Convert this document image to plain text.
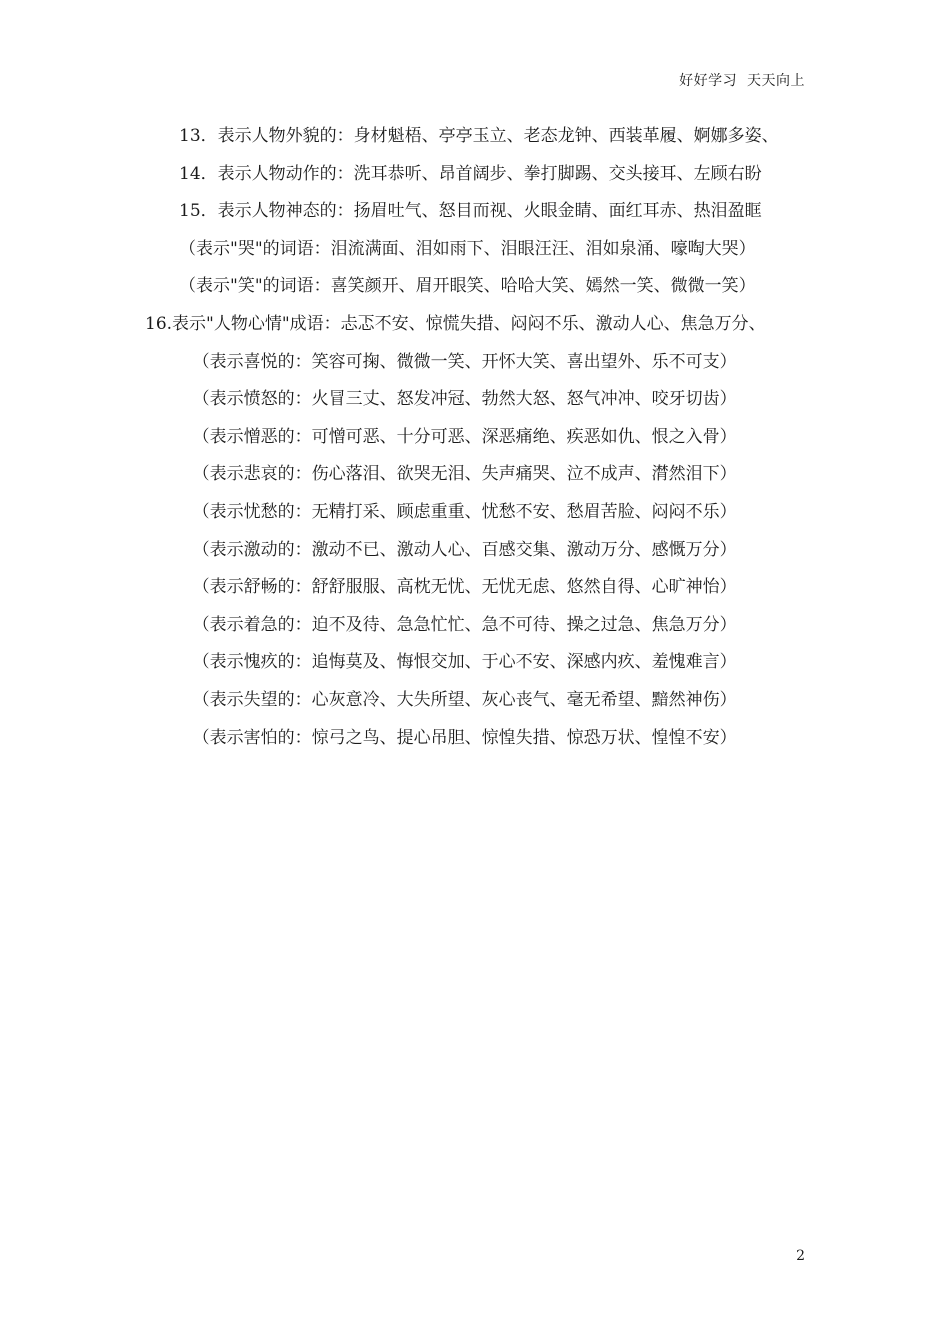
好好学习  天天向上

13．表示人物外貌的：身材魁梧、亭亭玉立、老态龙钟、西装革履、婀娜多姿、

14．表示人物动作的：洗耳恭听、昂首阔步、拳打脚踢、交头接耳、左顾右盼

15．表示人物神态的：扬眉吐气、怒目而视、火眼金睛、面红耳赤、热泪盈眶

（表示"哭"的词语：泪流满面、泪如雨下、泪眼汪汪、泪如泉涌、嚎啕大哭）

（表示"笑"的词语：喜笑颜开、眉开眼笑、哈哈大笑、嫣然一笑、微微一笑）

16.表示"人物心情"成语：忐忑不安、惊慌失措、闷闷不乐、激动人心、焦急万分、

（表示喜悦的：笑容可掬、微微一笑、开怀大笑、喜出望外、乐不可支）

（表示愤怒的：火冒三丈、怒发冲冠、勃然大怒、怒气冲冲、咬牙切齿）

（表示憎恶的：可憎可恶、十分可恶、深恶痛绝、疾恶如仇、恨之入骨）

（表示悲哀的：伤心落泪、欲哭无泪、失声痛哭、泣不成声、潸然泪下）

（表示忧愁的：无精打采、顾虑重重、忧愁不安、愁眉苦脸、闷闷不乐）

（表示激动的：激动不已、激动人心、百感交集、激动万分、感慨万分）

（表示舒畅的：舒舒服服、高枕无忧、无忧无虑、悠然自得、心旷神怡）

（表示着急的：迫不及待、急急忙忙、急不可待、操之过急、焦急万分）

（表示愧疚的：追悔莫及、悔恨交加、于心不安、深感内疚、羞愧难言）

（表示失望的：心灰意冷、大失所望、灰心丧气、毫无希望、黯然神伤）

（表示害怕的：惊弓之鸟、提心吊胆、惊惶失措、惊恐万状、惶惶不安）

2
